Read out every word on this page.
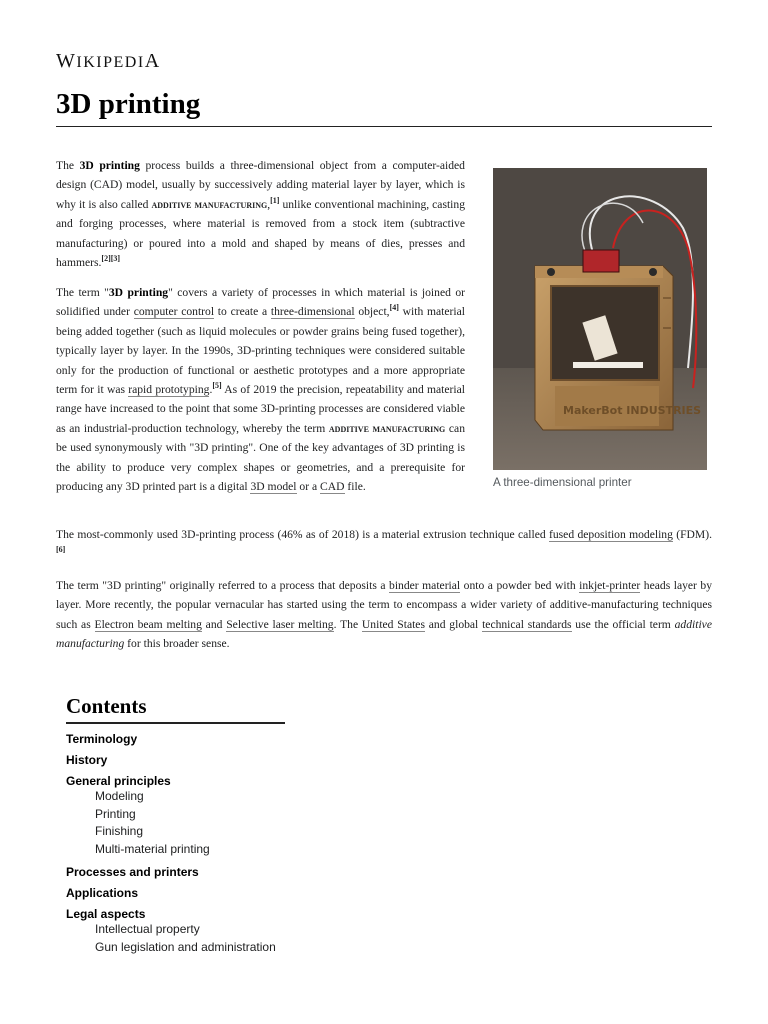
WIKIPEDIA
3D printing

The 3D printing process builds a three-dimensional object from a computer-aided design (CAD) model, usually by successively adding material layer by layer, which is why it is also called additive manufacturing,[1] unlike conventional machining, casting and forging processes, where material is removed from a stock item (subtractive manufacturing) or poured into a mold and shaped by means of dies, presses and hammers.[2][3]

The term "3D printing" covers a variety of processes in which material is joined or solidified under computer control to create a three-dimensional object,[4] with material being added together (such as liquid molecules or powder grains being fused together), typically layer by layer. In the 1990s, 3D-printing techniques were considered suitable only for the production of functional or aesthetic prototypes and a more appropriate term for it was rapid prototyping.[5] As of 2019 the precision, repeatability and material range have increased to the point that some 3D-printing processes are considered viable as an industrial-production technology, whereby the term additive manufacturing can be used synonymously with "3D printing". One of the key advantages of 3D printing is the ability to produce very complex shapes or geometries, and a prerequisite for producing any 3D printed part is a digital 3D model or a CAD file.

The most-commonly used 3D-printing process (46% as of 2018) is a material extrusion technique called fused deposition modeling (FDM).[6]

The term "3D printing" originally referred to a process that deposits a binder material onto a powder bed with inkjet-printer heads layer by layer. More recently, the popular vernacular has started using the term to encompass a wider variety of additive-manufacturing techniques such as Electron beam melting and Selective laser melting. The United States and global technical standards use the official term additive manufacturing for this broader sense.

MakerBot INDUSTRIES
A three-dimensional printer
Contents
Terminology
History
General principles
Modeling
Printing
Finishing
Multi-material printing
Processes and printers
Applications
Legal aspects
Intellectual property
Gun legislation and administration
